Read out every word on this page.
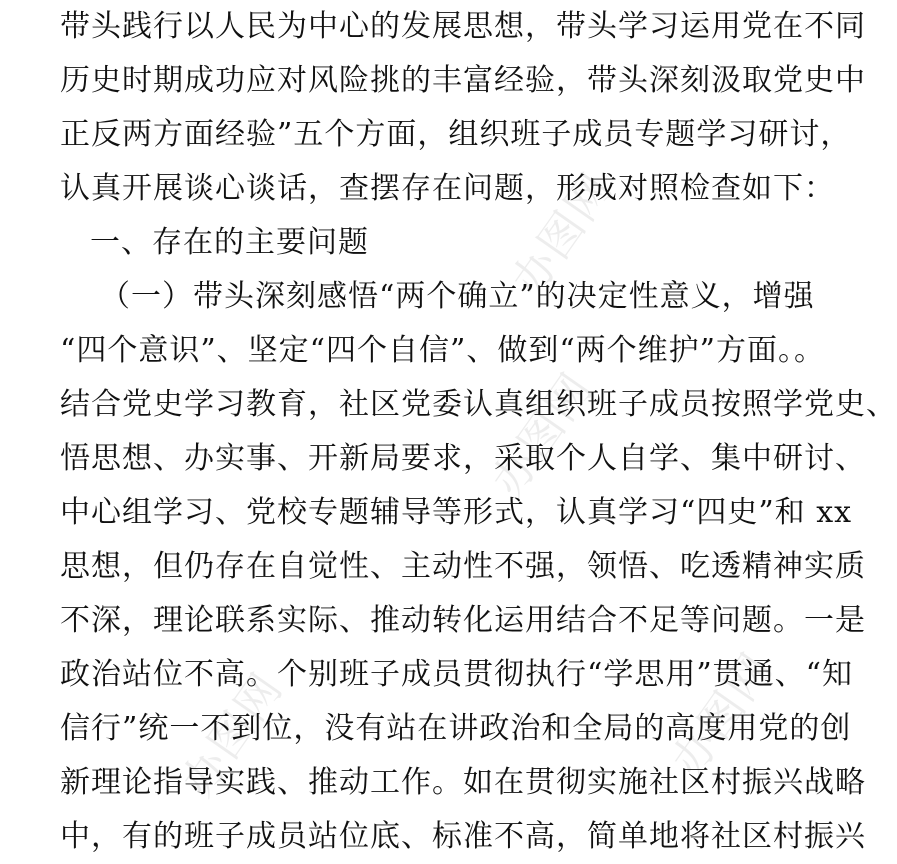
办图网
办图网
办图网
办图网
带头践行以人民为中心的发展思想，带头学习运用党在不同
历史时期成功应对风险挑的丰富经验，带头深刻汲取党史中
正反两方面经验”五个方面，组织班子成员专题学习研讨，
认真开展谈心谈话，查摆存在问题，形成对照检查如下：
一、存在的主要问题
（一）带头深刻感悟“两个确立”的决定性意义，增强
“四个意识”、坚定“四个自信”、做到“两个维护”方面。。
结合党史学习教育，社区党委认真组织班子成员按照学党史、
悟思想、办实事、开新局要求，采取个人自学、集中研讨、
中心组学习、党校专题辅导等形式，认真学习“四史”和 xx
思想，但仍存在自觉性、主动性不强，领悟、吃透精神实质
不深，理论联系实际、推动转化运用结合不足等问题。一是
政治站位不高。个别班子成员贯彻执行“学思用”贯通、“知
信行”统一不到位，没有站在讲政治和全局的高度用党的创
新理论指导实践、推动工作。如在贯彻实施社区村振兴战略
中，有的班子成员站位底、标准不高，简单地将社区村振兴
